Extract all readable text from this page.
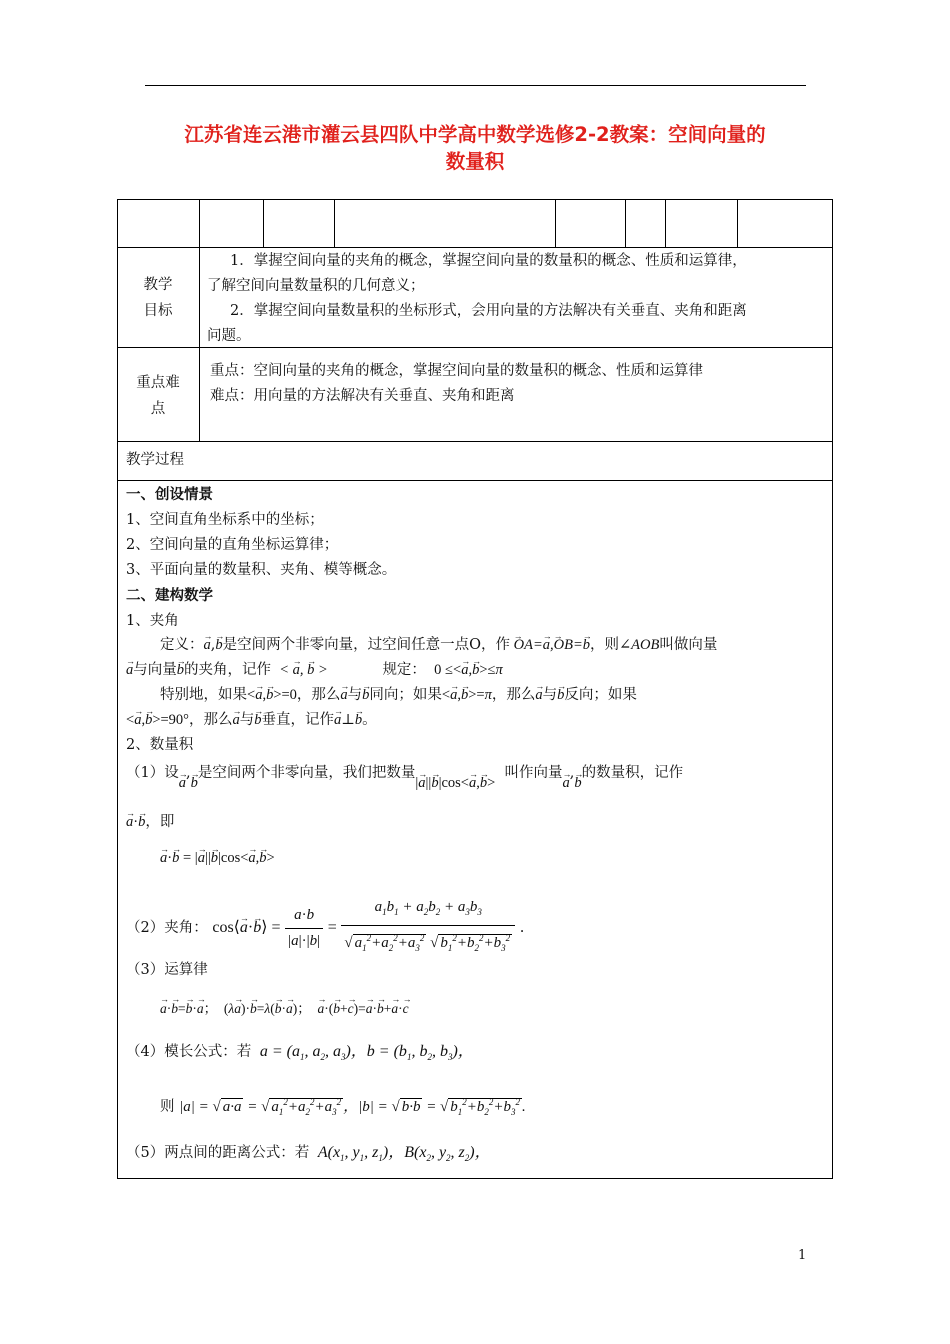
江苏省连云港市灌云县四队中学高中数学选修2-2教案：空间向量的
数量积
教学
目标
1．掌握空间向量的夹角的概念，掌握空间向量的数量积的概念、性质和运算律，
了解空间向量数量积的几何意义；
2．掌握空间向量数量积的坐标形式，会用向量的方法解决有关垂直、夹角和距离
问题。
重点难
点
重点：空间向量的夹角的概念，掌握空间向量的数量积的概念、性质和运算律
难点：用向量的方法解决有关垂直、夹角和距离
教学过程
一、创设情景
1、空间直角坐标系中的坐标；
2、空间向量的直角坐标运算律；
3、平面向量的数量积、夹角、模等概念。
二、建构数学
1、夹角
定义：→ a,→ b是空间两个非零向量，过空间任意一点O，作 → OA=→ a,→ OB=→ b，则∠AOB叫做向量
→ a与向量→ b的夹角，记作  < → a, → b >	规定：  0 ≤<→ a,→ b>≤π
特别地，如果<→ a,→ b>=0，那么→ a与→ b同向；如果<→ a,→ b>=π，那么→ a与→ b反向；如果
<→ a,→ b>=90°，那么→ a与→ b垂直，记作→ a⊥→ b。
2、数量积
（1）设→ a,→ b是空间两个非零向量，我们把数量|→ a||→ b|cos<→ a,→ b>  叫作向量→ a,→ b的数量积，记作
→ a·→ b，即
→ a·→ b = |→ a||→ b|cos<→ a,→ b>
（2）夹角： cos⟨→ a·→ b⟩ = $\frac{a\cdot b}{|a|\cdot|b|} = \frac{a_1b_1 + a_2b_2 + a_3b_3}{√ a_1^2+a_2^2+a_3^2 √ b_1^2+b_2^2+b_3^2}$ .
（3）运算律
→ a·→ b=→ b·→ a；  (λ→ a)·→ b=λ(→ b·→ a)；  → a·(→ b+→ c)=→ a·→ b+→ a·→ c
（4）模长公式：若  $a = (a_1$, $a_2$, $a_3$)，$b = (b_1$, $b_2$, $b_3$)，
则 |a| = √ a·a = √ $a_1^2+a_2^2+a_3^2$ ，|b| = √ b·b = √ $b_1^2+b_2^2+b_3^2$ .
（5）两点间的距离公式：若  $A(x_1$, $y_1$, $z_1$)，$B(x_2$, $y_2$, $z_2$)，
1
